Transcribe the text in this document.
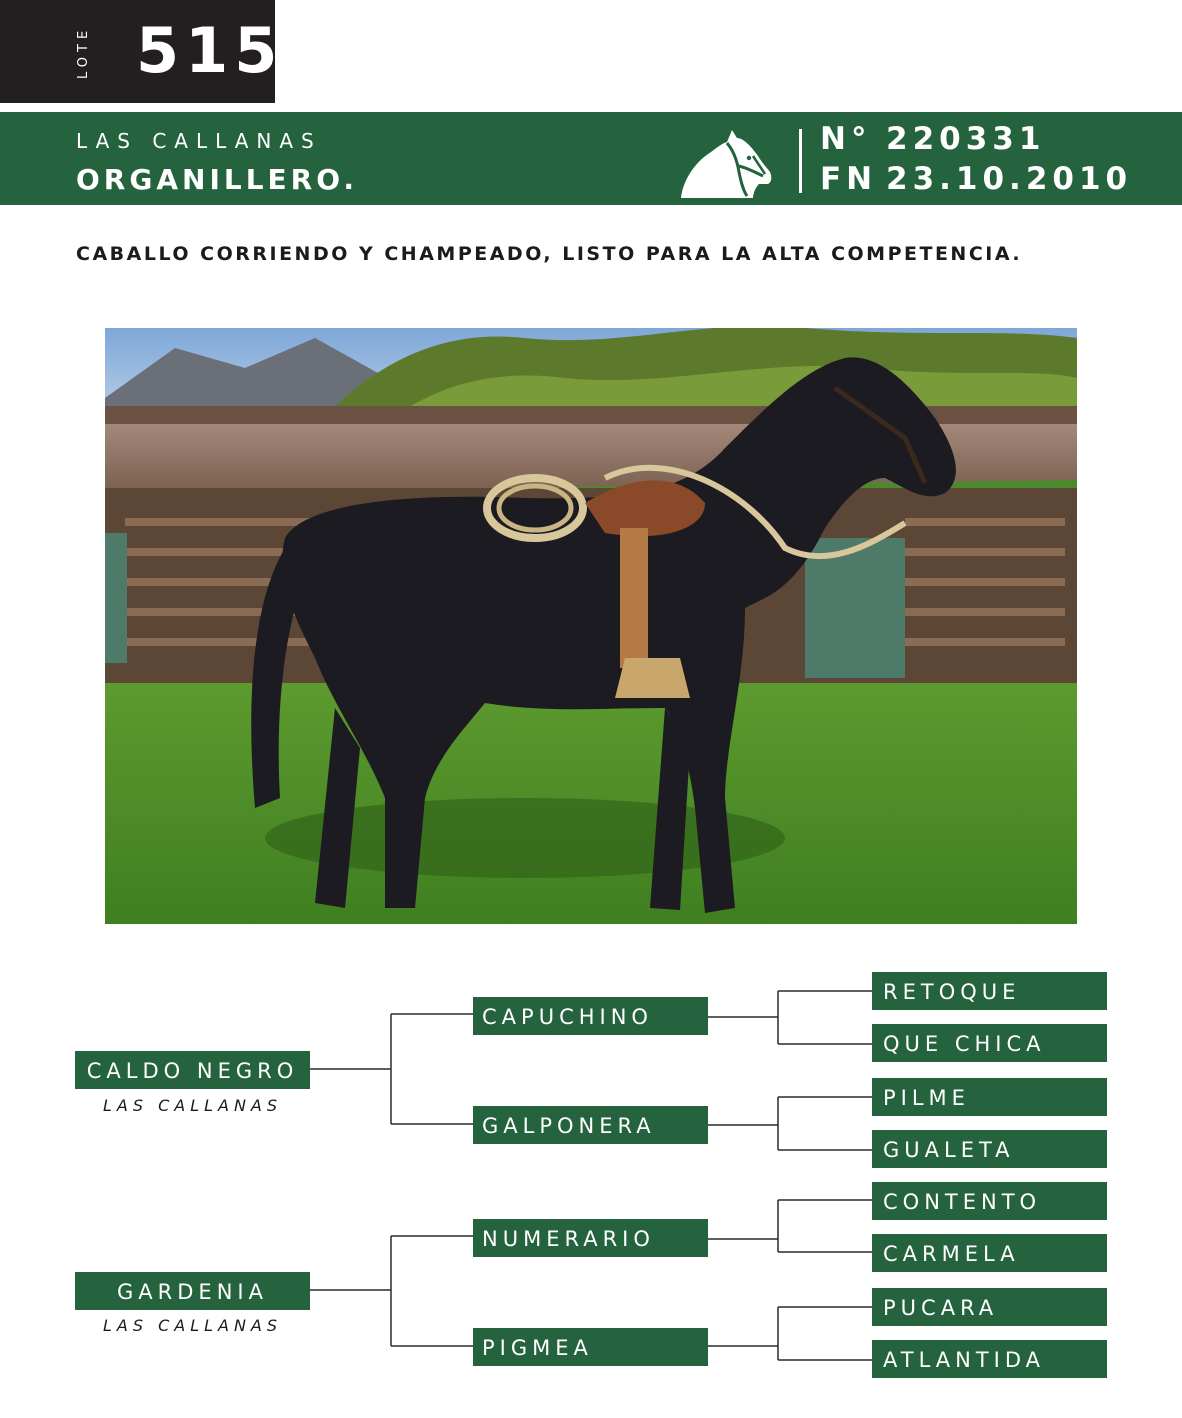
LOTE 515
LAS CALLANAS
ORGANILLERO.
N° 220331
FN 23.10.2010
CABALLO CORRIENDO Y CHAMPEADO, LISTO PARA LA ALTA COMPETENCIA.
CALDO NEGRO
LAS CALLANAS
GARDENIA
LAS CALLANAS
CAPUCHINO
GALPONERA
NUMERARIO
PIGMEA
RETOQUE
QUE CHICA
PILME
GUALETA
CONTENTO
CARMELA
PUCARA
ATLANTIDA
